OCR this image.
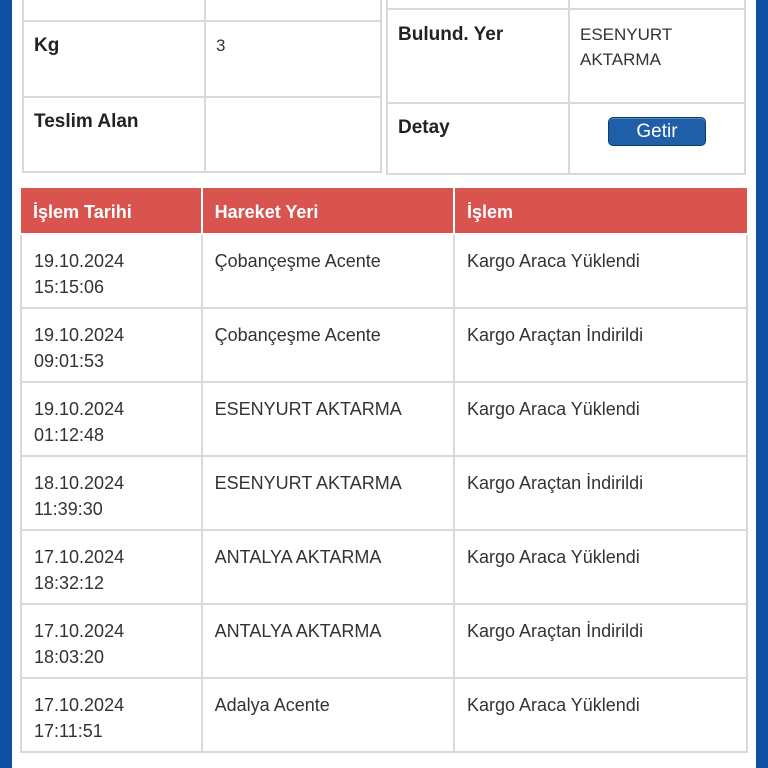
Kg	3
Teslim Alan	

Bulund. Yer	ESENYURT
AKTARMA

Detay	Getir
İşlem Tarihi	Hareket Yeri	İşlem

19.10.2024
15:15:06	Çobançeşme Acente	Kargo Araca Yüklendi

19.10.2024
09:01:53	Çobançeşme Acente	Kargo Araçtan İndirildi

19.10.2024
01:12:48	ESENYURT AKTARMA	Kargo Araca Yüklendi

18.10.2024
11:39:30	ESENYURT AKTARMA	Kargo Araçtan İndirildi

17.10.2024
18:32:12	ANTALYA AKTARMA	Kargo Araca Yüklendi

17.10.2024
18:03:20	ANTALYA AKTARMA	Kargo Araçtan İndirildi

17.10.2024
17:11:51	Adalya Acente	Kargo Araca Yüklendi
